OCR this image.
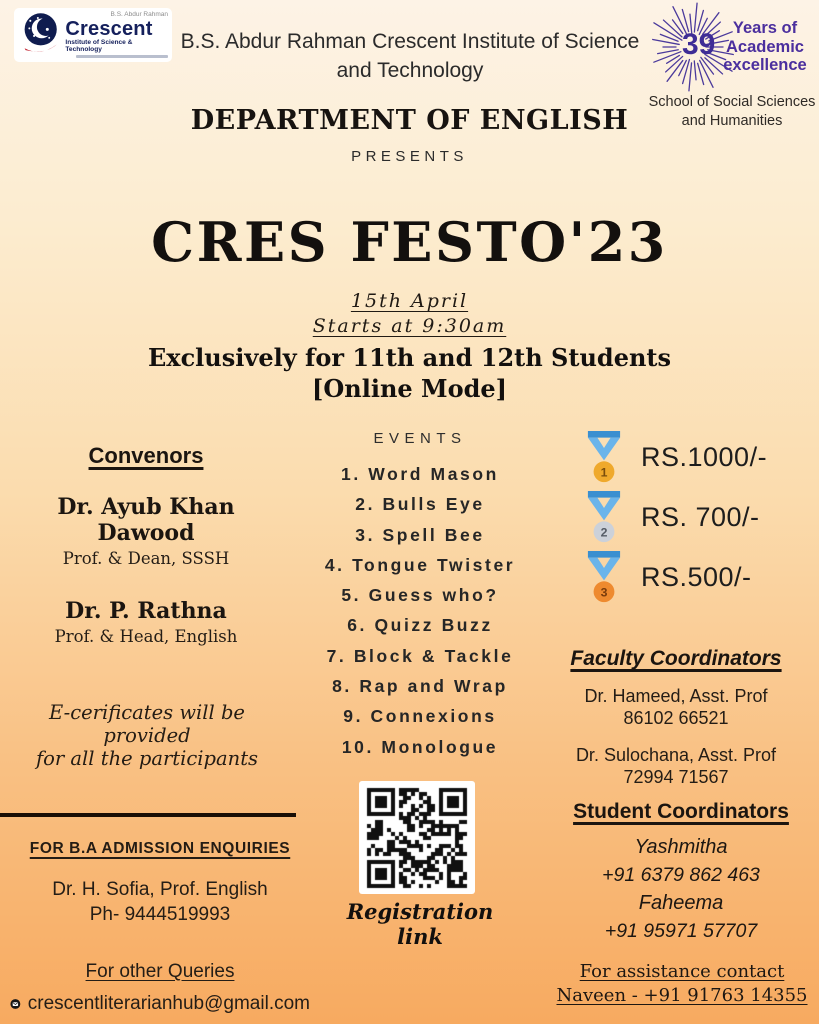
B.S. Abdur Rahman
Crescent
Institute of Science & Technology	B.S. Abdur Rahman Crescent Institute of Science
and Technology
39	Years of
Academic
excellence
School of Social Sciences
and Humanities
DEPARTMENT OF ENGLISH
PRESENTS
CRES FESTO'23
15th April
Starts at 9:30am
Exclusively for 11th and 12th Students
[Online Mode]
Convenors
Dr. Ayub Khan Dawood
Prof. & Dean, SSSH
Dr. P. Rathna
Prof. & Head, English
EVENTS
1. Word Mason
2. Bulls Eye
3. Spell Bee
4. Tongue Twister
5. Guess who?
6. Quizz Buzz
7. Block & Tackle
8. Rap and Wrap
9. Connexions
10. Monologue
1
RS.1000/-
2
RS. 700/-
3
RS.500/-
Faculty Coordinators
Dr. Hameed, Asst. Prof
86102 66521
Dr. Sulochana, Asst. Prof
72994 71567
E-cerificates will be provided
for all the participants
FOR B.A ADMISSION ENQUIRIES
Dr. H. Sofia, Prof. English
Ph- 9444519993
For other Queries
crescentliterarianhub@gmail.com
Registration link
Student Coordinators
Yashmitha
+91 6379 862 463
Faheema
+91 95971 57707
For assistance contact
Naveen - +91 91763 14355
